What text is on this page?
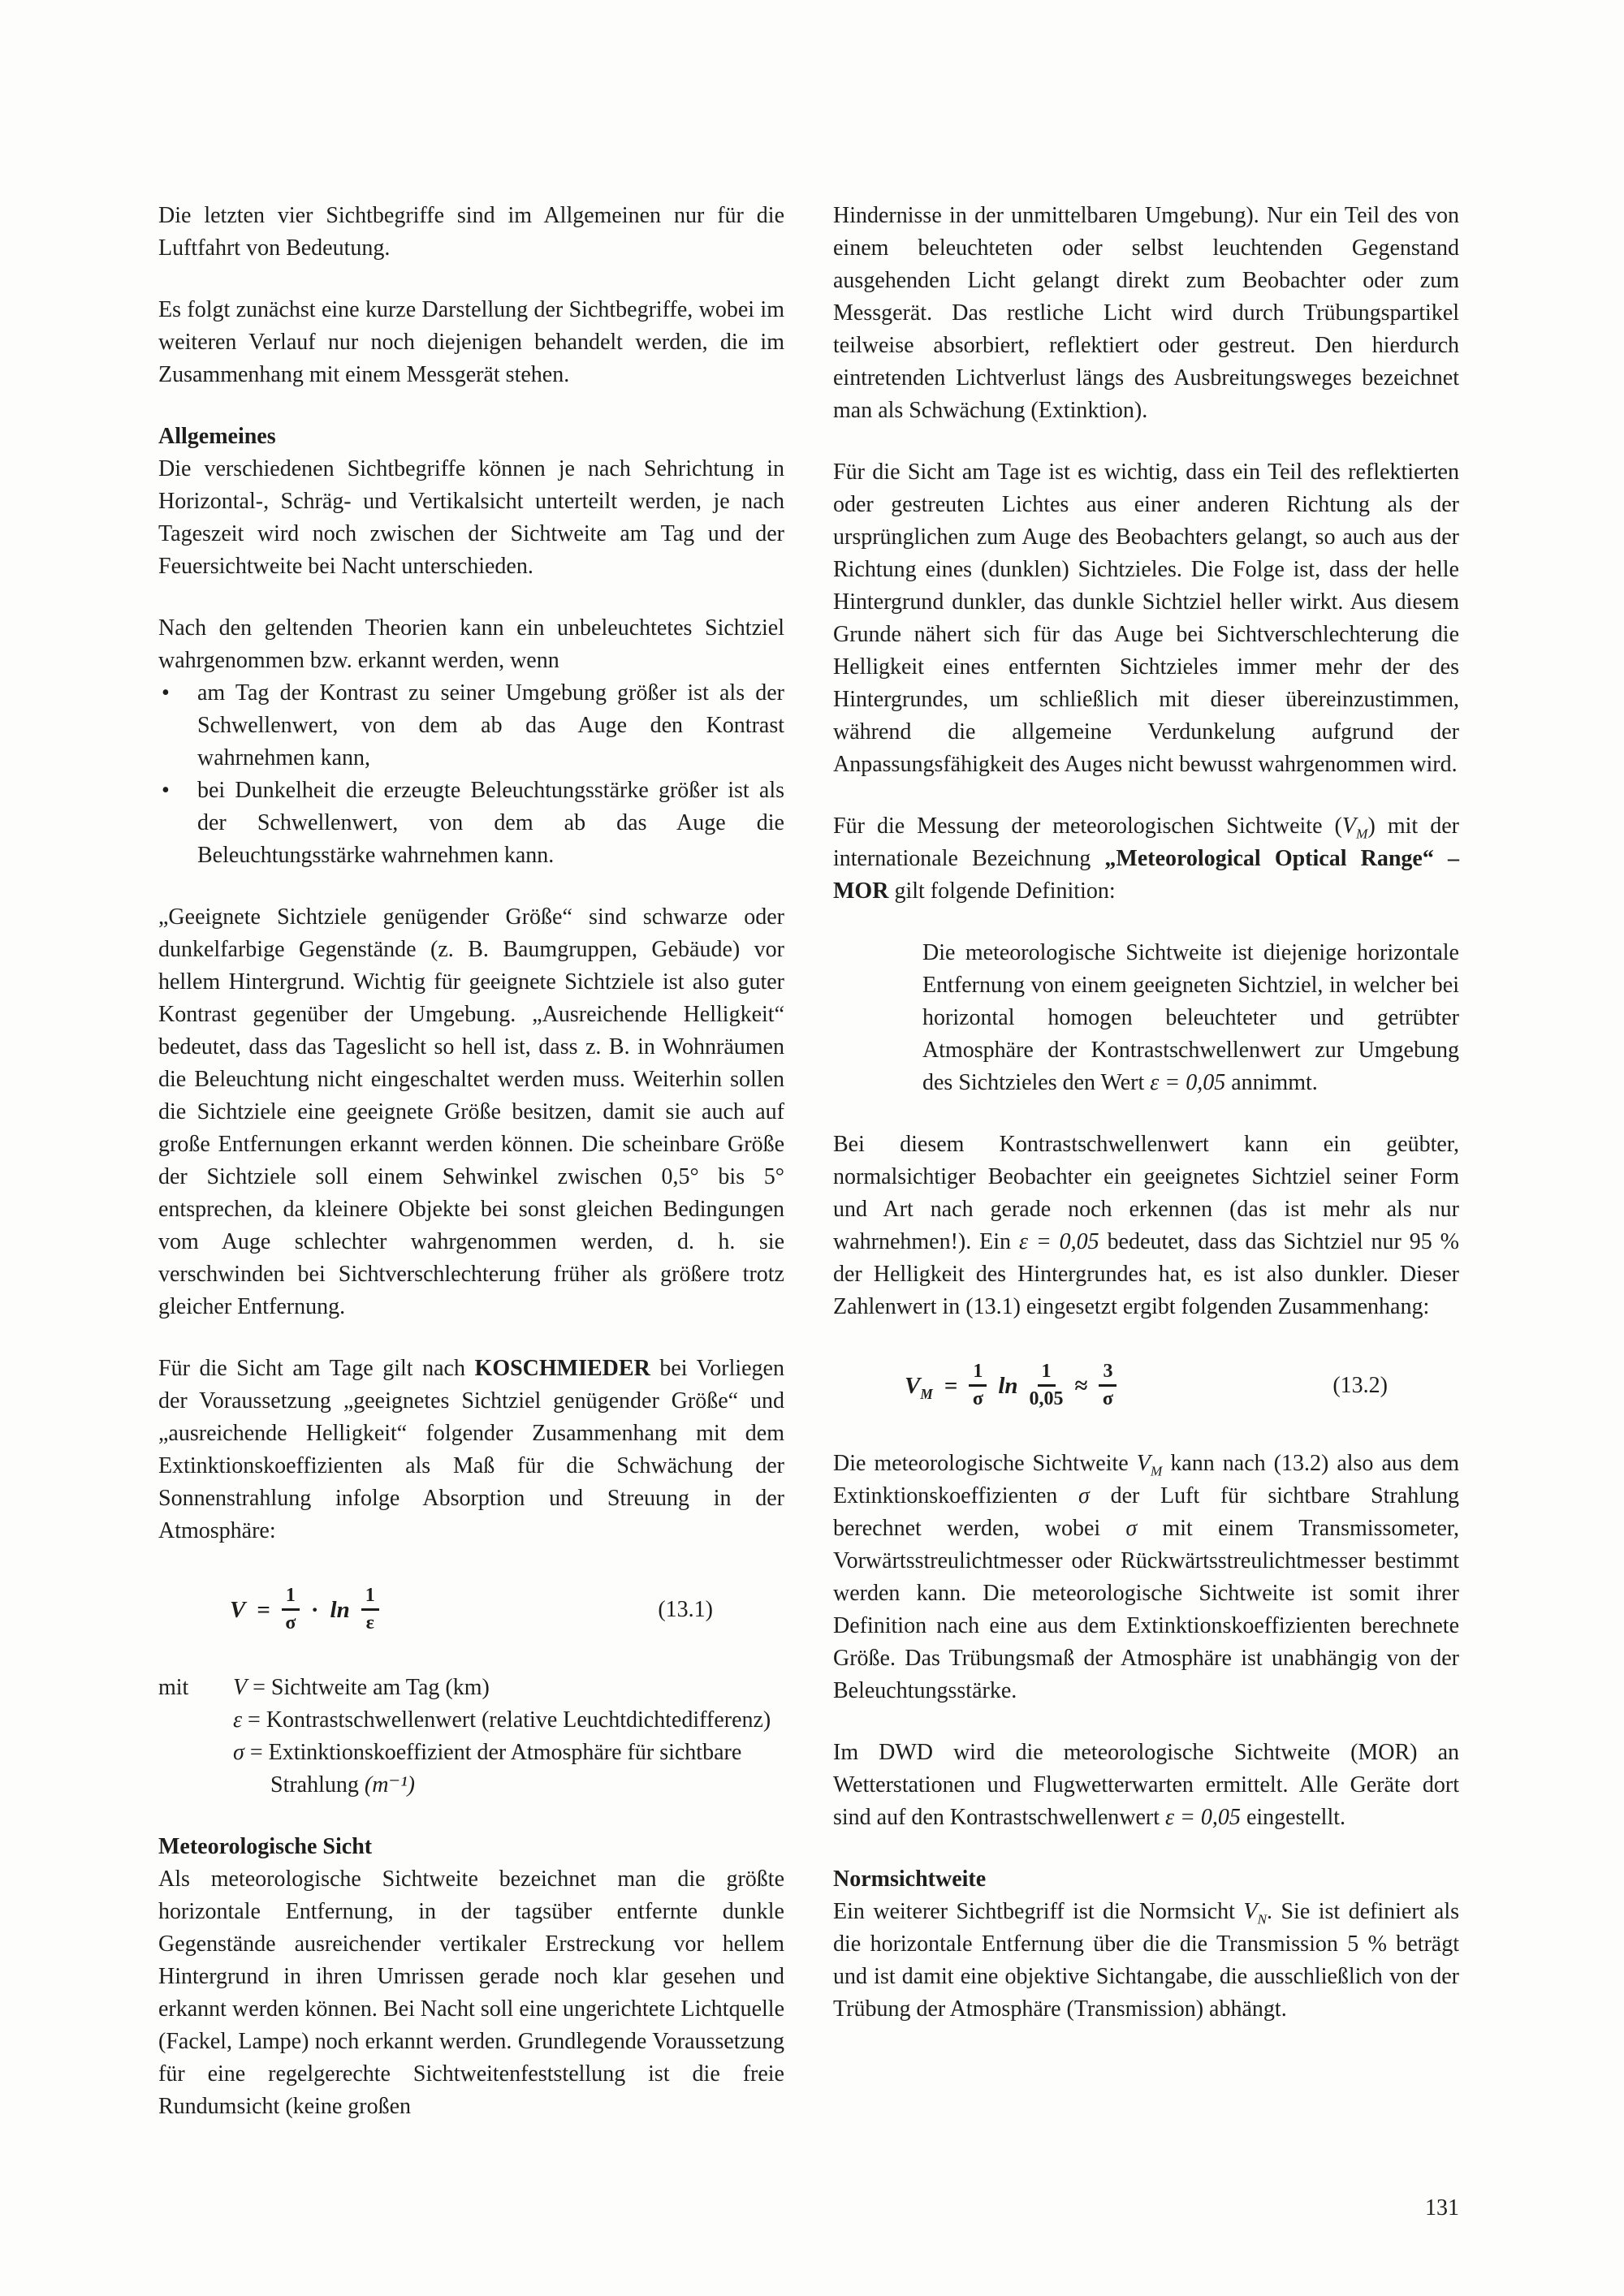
Die letzten vier Sichtbegriffe sind im Allgemeinen nur für die Luftfahrt von Bedeutung.

Es folgt zunächst eine kurze Darstellung der Sichtbegriffe, wobei im weiteren Verlauf nur noch diejenigen behandelt werden, die im Zusammenhang mit einem Messgerät stehen.

Allgemeines

Die verschiedenen Sichtbegriffe können je nach Sehrichtung in Horizontal-, Schräg- und Vertikalsicht unterteilt werden, je nach Tageszeit wird noch zwischen der Sichtweite am Tag und der Feuersichtweite bei Nacht unterschieden.

Nach den geltenden Theorien kann ein unbeleuchtetes Sichtziel wahrgenommen bzw. erkannt werden, wenn

•	am Tag der Kontrast zu seiner Umgebung größer ist als der Schwellenwert, von dem ab das Auge den Kontrast wahrnehmen kann,
•	bei Dunkelheit die erzeugte Beleuchtungsstärke größer ist als der Schwellenwert, von dem ab das Auge die Beleuchtungsstärke wahrnehmen kann.

„Geeignete Sichtziele genügender Größe“ sind schwarze oder dunkelfarbige Gegenstände (z. B. Baumgruppen, Gebäude) vor hellem Hintergrund. Wichtig für geeignete Sichtziele ist also guter Kontrast gegenüber der Umgebung. „Ausreichende Helligkeit“ bedeutet, dass das Tageslicht so hell ist, dass z. B. in Wohnräumen die Beleuchtung nicht eingeschaltet werden muss. Weiterhin sollen die Sichtziele eine geeignete Größe besitzen, damit sie auch auf große Entfernungen erkannt werden können. Die scheinbare Größe der Sichtziele soll einem Sehwinkel zwischen 0,5° bis 5° entsprechen, da kleinere Objekte bei sonst gleichen Bedingungen vom Auge schlechter wahrgenommen werden, d. h. sie verschwinden bei Sichtverschlechterung früher als größere trotz gleicher Entfernung.

Für die Sicht am Tage gilt nach KOSCHMIEDER bei Vorliegen der Voraussetzung „geeignetes Sichtziel genügender Größe“ und „ausreichende Helligkeit“ folgender Zusammenhang mit dem Extinktionskoeffizienten als Maß für die Schwächung der Sonnenstrahlung infolge Absorption und Streuung in der Atmosphäre:

$V = \frac{1}{\sigma} \cdot \ln \frac{1}{\varepsilon}$	(13.1)
mit V = Sichtweite am Tag (km)
ε = Kontrastschwellenwert (relative Leuchtdichtedifferenz)
σ = Extinktionskoeffizient der Atmosphäre für sichtbare Strahlung (m⁻¹)
Meteorologische Sicht

Als meteorologische Sichtweite bezeichnet man die größte horizontale Entfernung, in der tagsüber entfernte dunkle Gegenstände ausreichender vertikaler Erstreckung vor hellem Hintergrund in ihren Umrissen gerade noch klar gesehen und erkannt werden können. Bei Nacht soll eine ungerichtete Lichtquelle (Fackel, Lampe) noch erkannt werden. Grundlegende Voraussetzung für eine regelgerechte Sichtweitenfeststellung ist die freie Rundumsicht (keine großen

Hindernisse in der unmittelbaren Umgebung). Nur ein Teil des von einem beleuchteten oder selbst leuchtenden Gegenstand ausgehenden Licht gelangt direkt zum Beobachter oder zum Messgerät. Das restliche Licht wird durch Trübungspartikel teilweise absorbiert, reflektiert oder gestreut. Den hierdurch eintretenden Lichtverlust längs des Ausbreitungsweges bezeichnet man als Schwächung (Extinktion).

Für die Sicht am Tage ist es wichtig, dass ein Teil des reflektierten oder gestreuten Lichtes aus einer anderen Richtung als der ursprünglichen zum Auge des Beobachters gelangt, so auch aus der Richtung eines (dunklen) Sichtzieles. Die Folge ist, dass der helle Hintergrund dunkler, das dunkle Sichtziel heller wirkt. Aus diesem Grunde nähert sich für das Auge bei Sichtverschlechterung die Helligkeit eines entfernten Sichtzieles immer mehr der des Hintergrundes, um schließlich mit dieser übereinzustimmen, während die allgemeine Verdunkelung aufgrund der Anpassungsfähigkeit des Auges nicht bewusst wahrgenommen wird.

Für die Messung der meteorologischen Sichtweite $(V_M)$ mit der internationale Bezeichnung „Meteorological Optical Range“ – MOR gilt folgende Definition:

Die meteorologische Sichtweite ist diejenige horizontale Entfernung von einem geeigneten Sichtziel, in welcher bei horizontal homogen beleuchteter und getrübter Atmosphäre der Kontrastschwellenwert zur Umgebung des Sichtzieles den Wert ε = 0,05 annimmt.

Bei diesem Kontrastschwellenwert kann ein geübter, normalsichtiger Beobachter ein geeignetes Sichtziel seiner Form und Art nach gerade noch erkennen (das ist mehr als nur wahrnehmen!). Ein ε = 0,05 bedeutet, dass das Sichtziel nur 95 % der Helligkeit des Hintergrundes hat, es ist also dunkler. Dieser Zahlenwert in (13.1) eingesetzt ergibt folgenden Zusammenhang:

$V_M = \frac{1}{\sigma}$ $\ln \frac{1}{0,05} \approx \frac{3}{\sigma}$	(13.2)

Die meteorologische Sichtweite $V_M$ kann nach (13.2) also aus dem Extinktionskoeffizienten σ der Luft für sichtbare Strahlung berechnet werden, wobei σ mit einem Transmissometer, Vorwärtsstreulichtmesser oder Rückwärtsstreulichtmesser bestimmt werden kann. Die meteorologische Sichtweite ist somit ihrer Definition nach eine aus dem Extinktionskoeffizienten berechnete Größe. Das Trübungsmaß der Atmosphäre ist unabhängig von der Beleuchtungsstärke.

Im DWD wird die meteorologische Sichtweite (MOR) an Wetterstationen und Flugwetterwarten ermittelt. Alle Geräte dort sind auf den Kontrastschwellenwert ε = 0,05 eingestellt.

Normsichtweite

Ein weiterer Sichtbegriff ist die Normsicht $V_N$. Sie ist definiert als die horizontale Entfernung über die die Transmission 5 % beträgt und ist damit eine objektive Sichtangabe, die ausschließlich von der Trübung der Atmosphäre (Transmission) abhängt.

131
